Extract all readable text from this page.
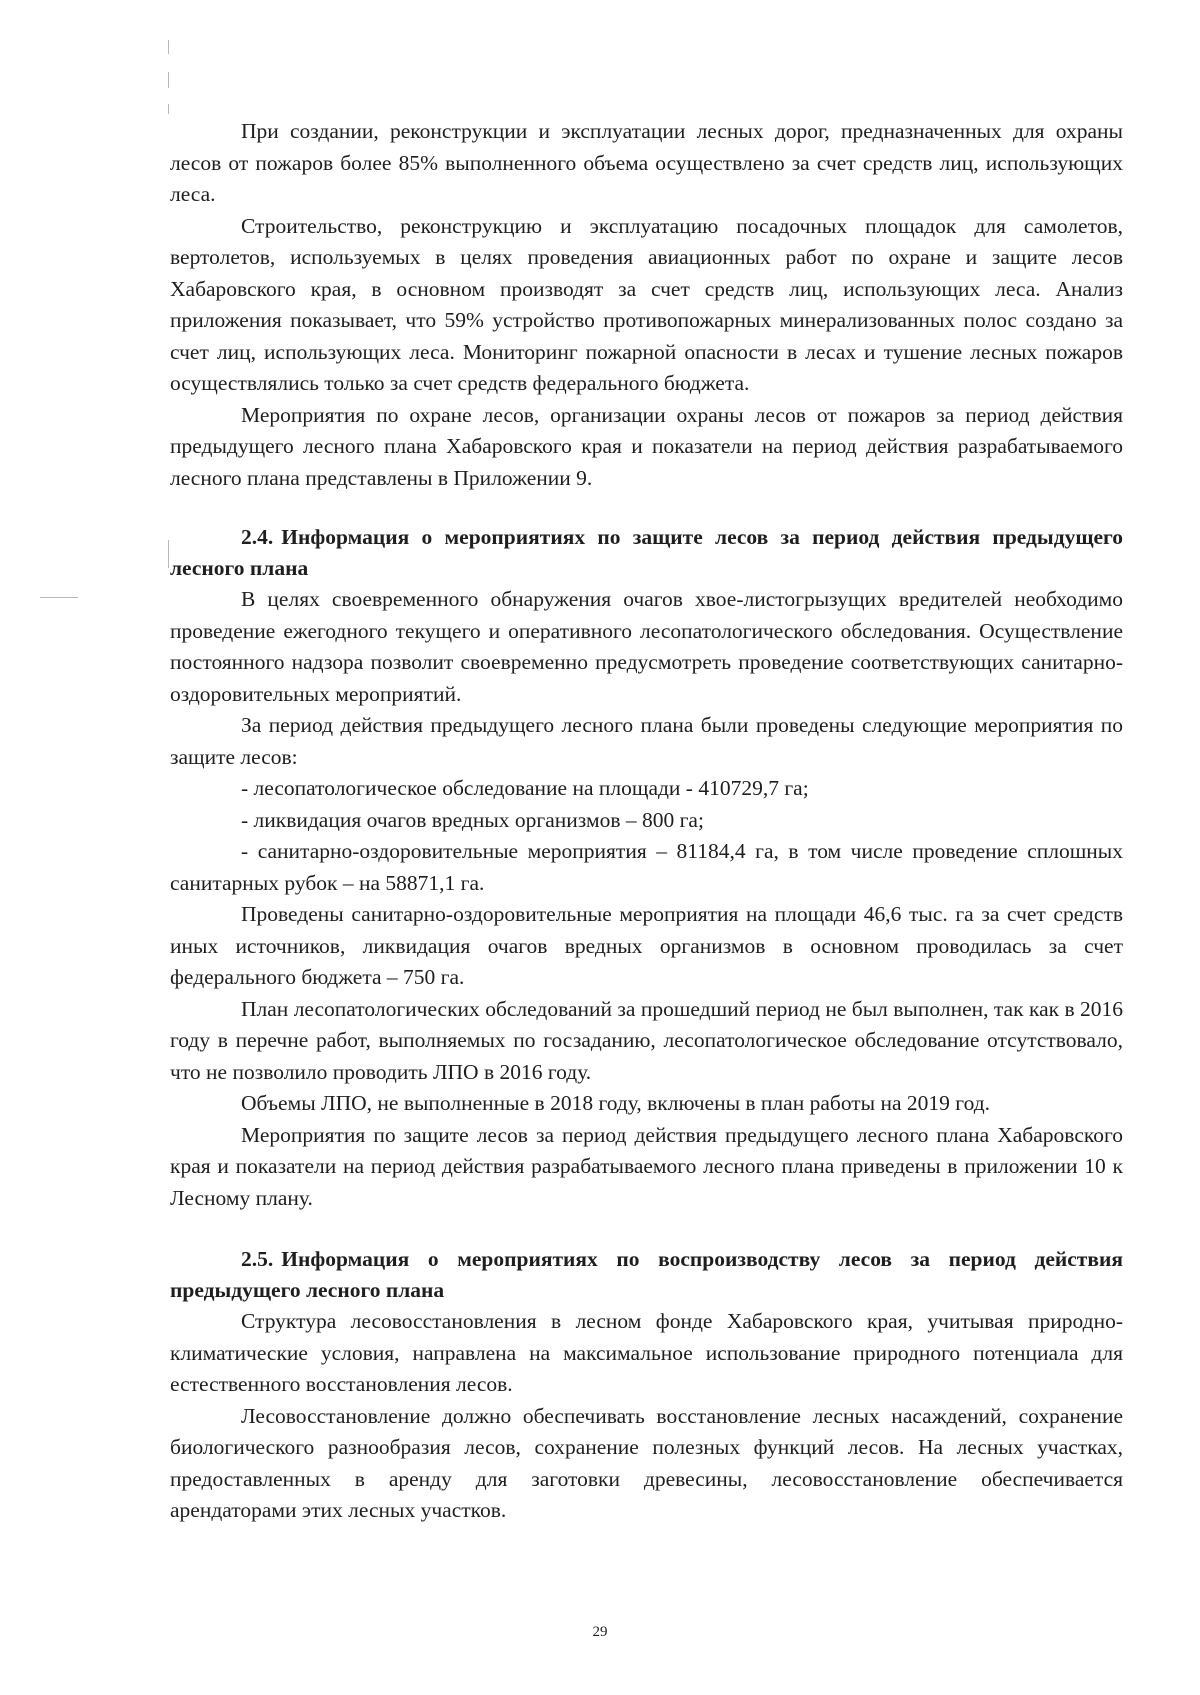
При создании, реконструкции и эксплуатации лесных дорог, предназначенных для охраны лесов от пожаров более 85% выполненного объема осуществлено за счет средств лиц, использующих леса.

Строительство, реконструкцию и эксплуатацию посадочных площадок для самолетов, вертолетов, используемых в целях проведения авиационных работ по охране и защите лесов Хабаровского края, в основном производят за счет средств лиц, использующих леса. Анализ приложения показывает, что 59% устройство противопожарных минерализованных полос создано за счет лиц, использующих леса. Мониторинг пожарной опасности в лесах и тушение лесных пожаров осуществлялись только за счет средств федерального бюджета.

Мероприятия по охране лесов, организации охраны лесов от пожаров за период действия предыдущего лесного плана Хабаровского края и показатели на период действия разрабатываемого лесного плана представлены в Приложении 9.

2.4. Информация о мероприятиях по защите лесов за период действия предыдущего лесного плана

В целях своевременного обнаружения очагов хвое-листогрызущих вредителей необходимо проведение ежегодного текущего и оперативного лесопатологического обследования. Осуществление постоянного надзора позволит своевременно предусмотреть проведение соответствующих санитарно-оздоровительных мероприятий.

За период действия предыдущего лесного плана были проведены следующие мероприятия по защите лесов:

- лесопатологическое обследование на площади - 410729,7 га;

- ликвидация очагов вредных организмов – 800 га;

- санитарно-оздоровительные мероприятия – 81184,4 га, в том числе проведение сплошных санитарных рубок – на 58871,1 га.

Проведены санитарно-оздоровительные мероприятия на площади 46,6 тыс. га за счет средств иных источников, ликвидация очагов вредных организмов в основном проводилась за счет федерального бюджета – 750 га.

План лесопатологических обследований за прошедший период не был выполнен, так как в 2016 году в перечне работ, выполняемых по госзаданию, лесопатологическое обследование отсутствовало, что не позволило проводить ЛПО в 2016 году.

Объемы ЛПО, не выполненные в 2018 году, включены в план работы на 2019 год.

Мероприятия по защите лесов за период действия предыдущего лесного плана Хабаровского края и показатели на период действия разрабатываемого лесного плана приведены в приложении 10 к Лесному плану.

2.5. Информация о мероприятиях по воспроизводству лесов за период действия предыдущего лесного плана

Структура лесовосстановления в лесном фонде Хабаровского края, учитывая природно-климатические условия, направлена на максимальное использование природного потенциала для естественного восстановления лесов.

Лесовосстановление должно обеспечивать восстановление лесных насаждений, сохранение биологического разнообразия лесов, сохранение полезных функций лесов. На лесных участках, предоставленных в аренду для заготовки древесины, лесовосстановление обеспечивается арендаторами этих лесных участков.

29
